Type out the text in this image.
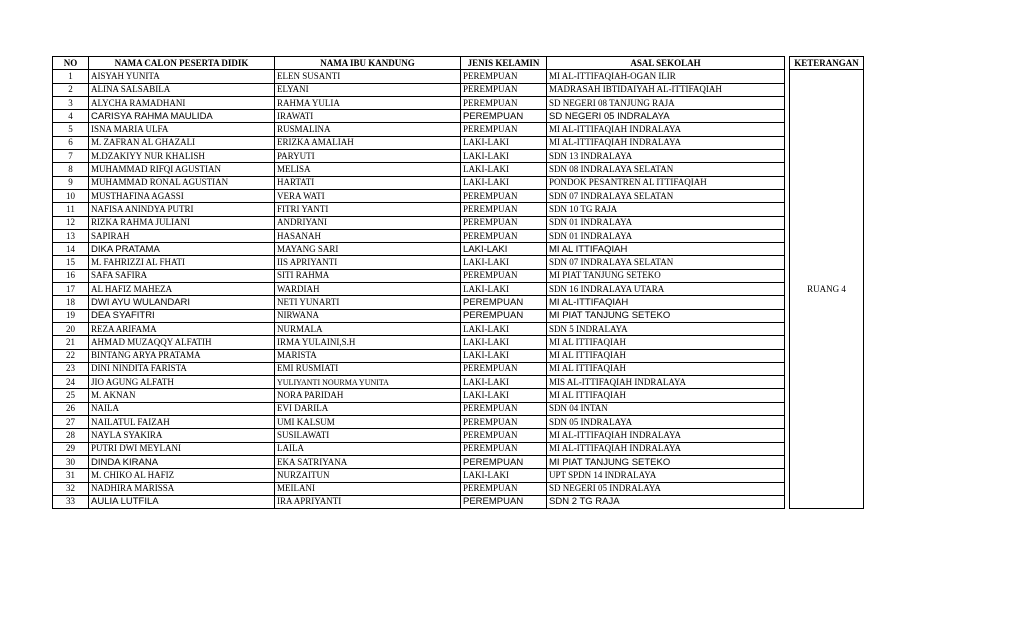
NO	NAMA CALON PESERTA DIDIK	NAMA IBU KANDUNG	JENIS KELAMIN	ASAL SEKOLAH		KETERANGAN
1	AISYAH YUNITA	ELEN SUSANTI	PEREMPUAN	MI AL-ITTIFAQIAH-OGAN ILIR		RUANG 4
2	ALINA SALSABILA	ELYANI	PEREMPUAN	MADRASAH IBTIDAIYAH AL-ITTIFAQIAH		
3	ALYCHA RAMADHANI	RAHMA YULIA	PEREMPUAN	SD NEGERI 08 TANJUNG RAJA		
4	CARISYA RAHMA MAULIDA	IRAWATI	PEREMPUAN	SD NEGERI 05 INDRALAYA		
5	ISNA MARIA ULFA	RUSMALINA	PEREMPUAN	MI AL-ITTIFAQIAH INDRALAYA		
6	M. ZAFRAN AL GHAZALI	ERIZKA AMALIAH	LAKI-LAKI	MI AL-ITTIFAQIAH INDRALAYA		
7	M.DZAKIYY NUR KHALISH	PARYUTI	LAKI-LAKI	SDN 13 INDRALAYA		
8	MUHAMMAD RIFQI AGUSTIAN	MELISA	LAKI-LAKI	SDN 08 INDRALAYA SELATAN		
9	MUHAMMAD RONAL AGUSTIAN	HARTATI	LAKI-LAKI	PONDOK PESANTREN AL ITTIFAQIAH		
10	MUSTHAFINA AGASSI	VERA WATI	PEREMPUAN	SDN 07 INDRALAYA SELATAN		
11	NAFISA ANINDYA PUTRI	FITRI YANTI	PEREMPUAN	SDN 10 TG RAJA		
12	RIZKA RAHMA JULIANI	ANDRIYANI	PEREMPUAN	SDN 01 INDRALAYA		
13	SAPIRAH	HASANAH	PEREMPUAN	SDN 01 INDRALAYA		
14	DIKA PRATAMA	MAYANG SARI	LAKI-LAKI	MI AL ITTIFAQIAH		
15	M. FAHRIZZI AL FHATI	IIS APRIYANTI	LAKI-LAKI	SDN 07 INDRALAYA SELATAN		
16	SAFA SAFIRA	SITI RAHMA	PEREMPUAN	MI PIAT TANJUNG SETEKO		
17	AL HAFIZ MAHEZA	WARDIAH	LAKI-LAKI	SDN 16 INDRALAYA UTARA		
18	DWI AYU WULANDARI	NETI YUNARTI	PEREMPUAN	MI AL-ITTIFAQIAH		
19	DEA SYAFITRI	NIRWANA	PEREMPUAN	MI PIAT TANJUNG SETEKO		
20	REZA ARIFAMA	NURMALA	LAKI-LAKI	SDN 5 INDRALAYA		
21	AHMAD MUZAQQY ALFATIH	IRMA YULAINI,S.H	LAKI-LAKI	MI AL ITTIFAQIAH		
22	BINTANG ARYA PRATAMA	MARISTA	LAKI-LAKI	MI AL ITTIFAQIAH		
23	DINI NINDITA FARISTA	EMI RUSMIATI	PEREMPUAN	MI AL ITTIFAQIAH		
24	JIO AGUNG ALFATH	YULIYANTI NOURMA YUNITA	LAKI-LAKI	MIS AL-ITTIFAQIAH INDRALAYA		
25	M. AKNAN	NORA PARIDAH	LAKI-LAKI	MI AL ITTIFAQIAH		
26	NAILA	EVI DARILA	PEREMPUAN	SDN 04 INTAN		
27	NAILATUL FAIZAH	UMI KALSUM	PEREMPUAN	SDN 05 INDRALAYA		
28	NAYLA SYAKIRA	SUSILAWATI	PEREMPUAN	MI AL-ITTIFAQIAH INDRALAYA		
29	PUTRI DWI MEYLANI	LAILA	PEREMPUAN	MI AL-ITTIFAQIAH INDRALAYA		
30	DINDA KIRANA	EKA SATRIYANA	PEREMPUAN	MI PIAT TANJUNG SETEKO		
31	M. CHIKO AL HAFIZ	NURZAITUN	LAKI-LAKI	UPT SPDN 14 INDRALAYA		
32	NADHIRA MARISSA	MEILANI	PEREMPUAN	SD NEGERI 05 INDRALAYA		
33	AULIA LUTFILA	IRA APRIYANTI	PEREMPUAN	SDN 2 TG RAJA		
